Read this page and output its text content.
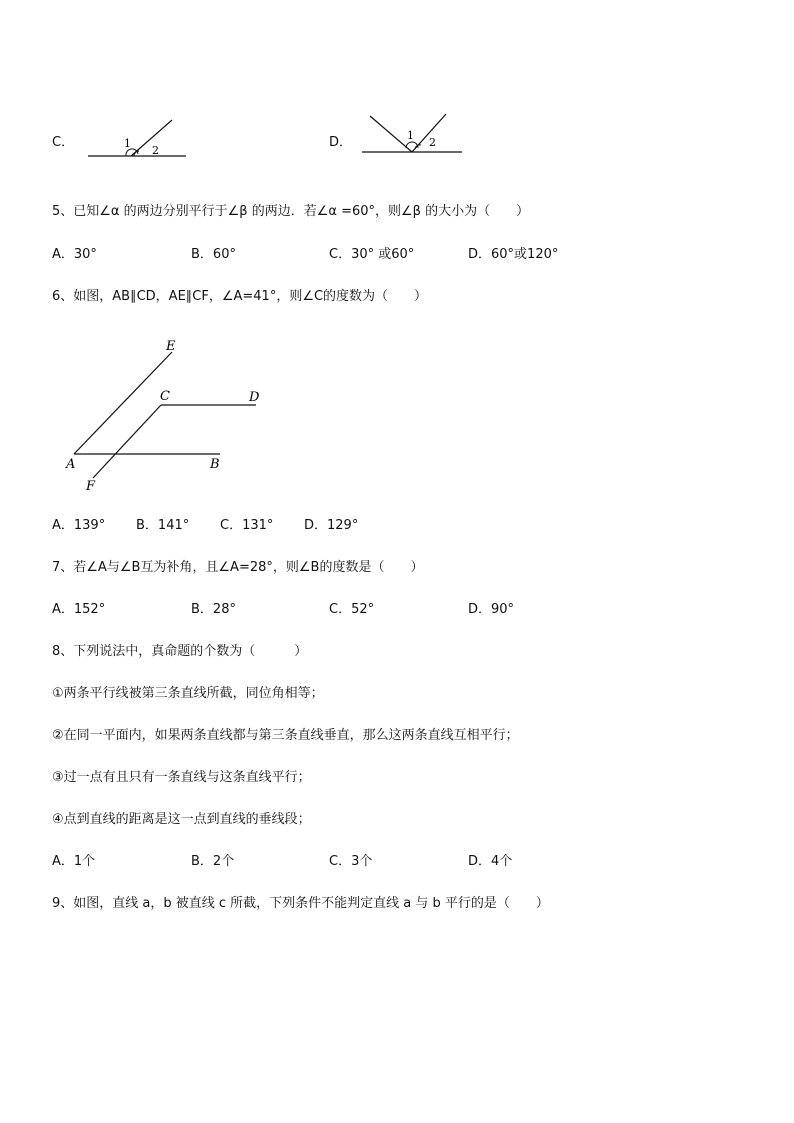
C．	1
2
D．	1
2
5、已知∠α 的两边分别平行于∠β 的两边．若∠α =60°，则∠β 的大小为（　　）
A．30°	B．60°	C．30° 或60°	D．60°或120°
6、如图，AB∥CD，AE∥CF，∠A=41°，则∠C的度数为（　　）
E
C	D
A	B
F
A．139° B．141° C．131° D．129°
7、若∠A与∠B互为补角，且∠A=28°，则∠B的度数是（　　）
A．152°	B．28°	C．52°	D．90°
8、下列说法中，真命题的个数为（　　　）
①两条平行线被第三条直线所截，同位角相等；
②在同一平面内，如果两条直线都与第三条直线垂直，那么这两条直线互相平行；
③过一点有且只有一条直线与这条直线平行；
④点到直线的距离是这一点到直线的垂线段；
A．1个	B．2个	C．3个	D．4个
9、如图，直线 a，b 被直线 c 所截，下列条件不能判定直线 a 与 b 平行的是（　　）
